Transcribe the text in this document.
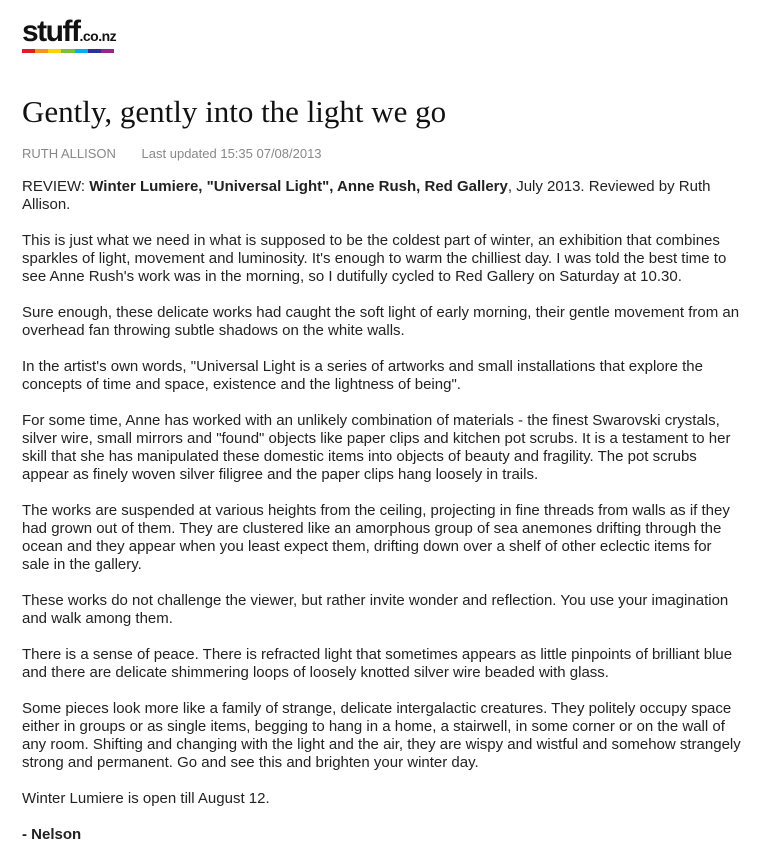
stuff.co.nz
Gently, gently into the light we go
RUTH ALLISON Last updated 15:35 07/08/2013

REVIEW: Winter Lumiere, "Universal Light", Anne Rush, Red Gallery, July 2013. Reviewed by Ruth Allison.

This is just what we need in what is supposed to be the coldest part of winter, an exhibition that combines sparkles of light, movement and luminosity. It's enough to warm the chilliest day. I was told the best time to see Anne Rush's work was in the morning, so I dutifully cycled to Red Gallery on Saturday at 10.30.

Sure enough, these delicate works had caught the soft light of early morning, their gentle movement from an overhead fan throwing subtle shadows on the white walls.

In the artist's own words, "Universal Light is a series of artworks and small installations that explore the concepts of time and space, existence and the lightness of being".

For some time, Anne has worked with an unlikely combination of materials - the finest Swarovski crystals, silver wire, small mirrors and "found" objects like paper clips and kitchen pot scrubs. It is a testament to her skill that she has manipulated these domestic items into objects of beauty and fragility. The pot scrubs appear as finely woven silver filigree and the paper clips hang loosely in trails.

The works are suspended at various heights from the ceiling, projecting in fine threads from walls as if they had grown out of them. They are clustered like an amorphous group of sea anemones drifting through the ocean and they appear when you least expect them, drifting down over a shelf of other eclectic items for sale in the gallery.

These works do not challenge the viewer, but rather invite wonder and reflection. You use your imagination and walk among them.

There is a sense of peace. There is refracted light that sometimes appears as little pinpoints of brilliant blue and there are delicate shimmering loops of loosely knotted silver wire beaded with glass.

Some pieces look more like a family of strange, delicate intergalactic creatures. They politely occupy space either in groups or as single items, begging to hang in a home, a stairwell, in some corner or on the wall of any room. Shifting and changing with the light and the air, they are wispy and wistful and somehow strangely strong and permanent. Go and see this and brighten your winter day.

Winter Lumiere is open till August 12.

- Nelson
